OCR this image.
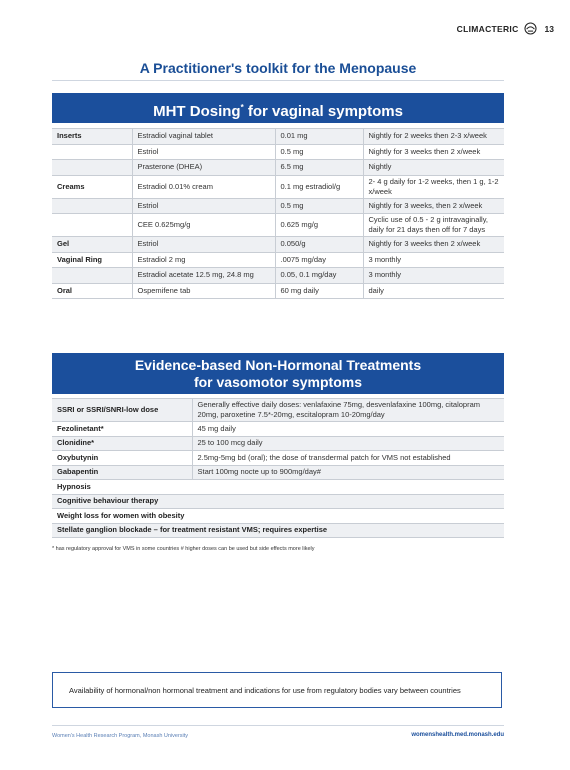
CLIMACTERIC	13
A Practitioner's toolkit for the Menopause
MHT Dosing* for vaginal symptoms
Inserts	Estradiol vaginal tablet	0.01 mg	Nightly for 2 weeks then 2-3 x/week
	Estriol	0.5 mg	Nightly for 3 weeks then 2 x/week
	Prasterone (DHEA)	6.5 mg	Nightly
Creams	Estradiol 0.01% cream	0.1 mg estradiol/g	2- 4 g daily for 1-2 weeks, then 1 g, 1-2 x/week
	Estriol	0.5 mg	Nightly for 3 weeks, then 2 x/week
	CEE 0.625mg/g	0.625 mg/g	Cyclic use of 0.5 - 2 g intravaginally, daily for 21 days then off for 7 days
Gel	Estriol	0.050/g	Nightly for 3 weeks then 2 x/week
Vaginal Ring	Estradiol 2 mg	.0075 mg/day	3 monthly
	Estradiol acetate 12.5 mg, 24.8 mg	0.05, 0.1 mg/day	3 monthly
Oral	Ospemifene tab	60 mg daily	daily
Evidence-based Non-Hormonal Treatments
for vasomotor symptoms
SSRI or SSRI/SNRI-low dose	Generally effective daily doses: venlafaxine 75mg, desvenlafaxine 100mg, citalopram 20mg, paroxetine 7.5*-20mg, escitalopram 10-20mg/day
Fezolinetant*	45 mg daily
Clonidine*	25 to 100 mcg daily
Oxybutynin	2.5mg-5mg bd (oral); the dose of transdermal patch for VMS not established
Gabapentin	Start 100mg nocte up to 900mg/day#
Hypnosis	
Cognitive behaviour therapy	
Weight loss for women with obesity	
Stellate ganglion blockade – for treatment resistant VMS; requires expertise	
* has regulatory approval for VMS in some countries # higher doses can be used but side effects more likely
Availability of hormonal/non hormonal treatment and indications for use from regulatory bodies vary between countries
Women's Health Research Program, Monash University	womenshealth.med.monash.edu
